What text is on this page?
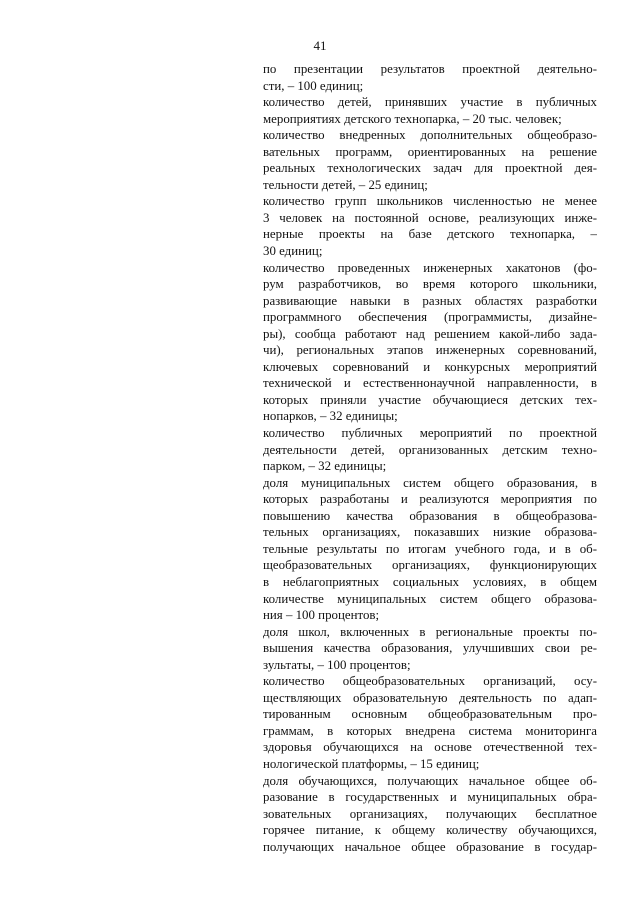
41
по презентации результатов проектной деятельно-
сти, – 100 единиц;
количество детей, принявших участие в публичных
мероприятиях детского технопарка, – 20 тыс. человек;
количество внедренных дополнительных общеобразо-
вательных программ, ориентированных на решение
реальных технологических задач для проектной дея-
тельности детей, – 25 единиц;
количество групп школьников численностью не менее
3 человек на постоянной основе, реализующих инже-
нерные проекты на базе детского технопарка, –
30 единиц;
количество проведенных инженерных хакатонов (фо-
рум разработчиков, во время которого школьники,
развивающие навыки в разных областях разработки
программного обеспечения (программисты, дизайне-
ры), сообща работают над решением какой-либо зада-
чи), региональных этапов инженерных соревнований,
ключевых соревнований и конкурсных мероприятий
технической и естественнонаучной направленности, в
которых приняли участие обучающиеся детских тех-
нопарков, – 32 единицы;
количество публичных мероприятий по проектной
деятельности детей, организованных детским техно-
парком, – 32 единицы;
доля муниципальных систем общего образования, в
которых разработаны и реализуются мероприятия по
повышению качества образования в общеобразова-
тельных организациях, показавших низкие образова-
тельные результаты по итогам учебного года, и в об-
щеобразовательных организациях, функционирующих
в неблагоприятных социальных условиях, в общем
количестве муниципальных систем общего образова-
ния – 100 процентов;
доля школ, включенных в региональные проекты по-
вышения качества образования, улучшивших свои ре-
зультаты, – 100 процентов;
количество общеобразовательных организаций, осу-
ществляющих образовательную деятельность по адап-
тированным основным общеобразовательным про-
граммам, в которых внедрена система мониторинга
здоровья обучающихся на основе отечественной тех-
нологической платформы, – 15 единиц;
доля обучающихся, получающих начальное общее об-
разование в государственных и муниципальных обра-
зовательных организациях, получающих бесплатное
горячее питание, к общему количеству обучающихся,
получающих начальное общее образование в государ-
